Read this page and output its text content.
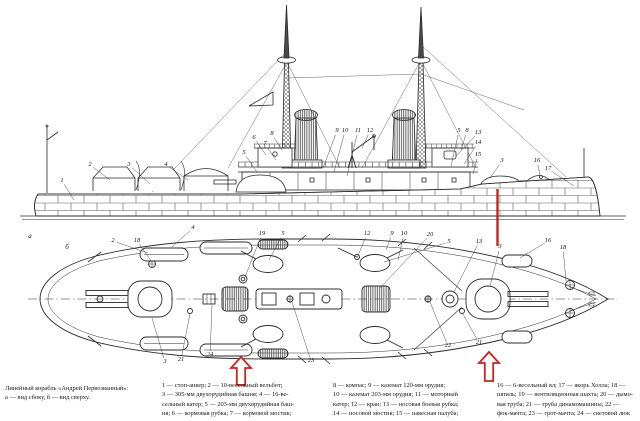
1
2	3	4
5
6
7
8	9 10 11 12	5 8 13
14
15
3	16
17
2	18
4
19 5	12	9 10	20
5	13
3
16
18
3 21
24
23
22	21
а
б
Линейный корабль «Андрей Первозванный»:
а — вид сбоку, б — вид сверху.
1 — стоп-анкер; 2 — 10-весельный вельбот;
3 — 305-мм двухорудийная башня; 4 — 16-ве-
сельный катер; 5 — 203-мм двухорудийная баш-
ня; 6 — кормовая рубка; 7 — кормовой мостик;
8 — компас; 9 — каземат 120-мм орудия;
10 — каземат 203-мм орудия; 11 — моторный
катер; 12 — кран; 13 — носовая боевая рубка;
14 — носовой мостик; 15 — навесная палуба;
16 — 6-весельный ял; 17 — якорь Холла; 18 —
шпиль; 19 — вентиляционная шахта; 20 — дымо-
вая труба; 21 — труба динамомашины; 22 —
фок-мачта; 23 — грот-мачта; 24 — световой люк
